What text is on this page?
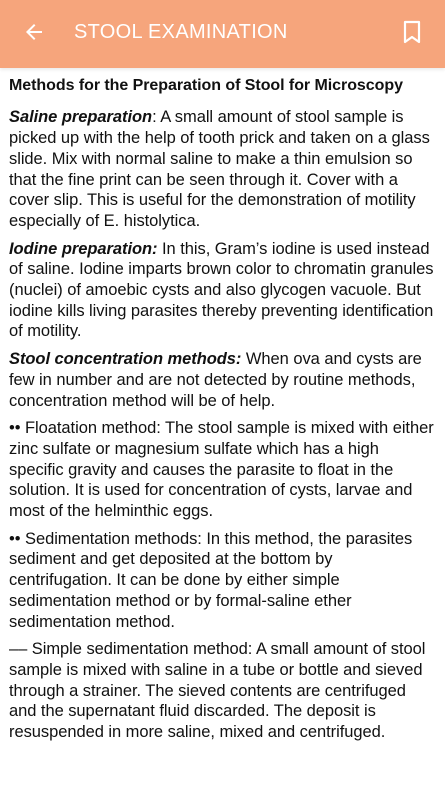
STOOL EXAMINATION

Methods for the Preparation of Stool for Microscopy

Saline preparation: A small amount of stool sample is picked up with the help of tooth prick and taken on a glass slide. Mix with normal saline to make a thin emulsion so that the fine print can be seen through it. Cover with a cover slip. This is useful for the demonstration of motility especially of E. histolytica.

Iodine preparation: In this, Gram’s iodine is used instead of saline. Iodine imparts brown color to chromatin granules (nuclei) of amoebic cysts and also glycogen vacuole. But iodine kills living parasites thereby preventing identification of motility.

Stool concentration methods: When ova and cysts are few in number and are not detected by routine methods, concentration method will be of help.

•• Floatation method: The stool sample is mixed with either zinc sulfate or magnesium sulfate which has a high specific gravity and causes the parasite to float in the solution. It is used for concentration of cysts, larvae and most of the helminthic eggs.

•• Sedimentation methods: In this method, the parasites sediment and get deposited at the bottom by centrifugation. It can be done by either simple sedimentation method or by formal-saline ether sedimentation method.

–– Simple sedimentation method: A small amount of stool sample is mixed with saline in a tube or bottle and sieved through a strainer. The sieved contents are centrifuged and the supernatant fluid discarded. The deposit is resuspended in more saline, mixed and centrifuged.
